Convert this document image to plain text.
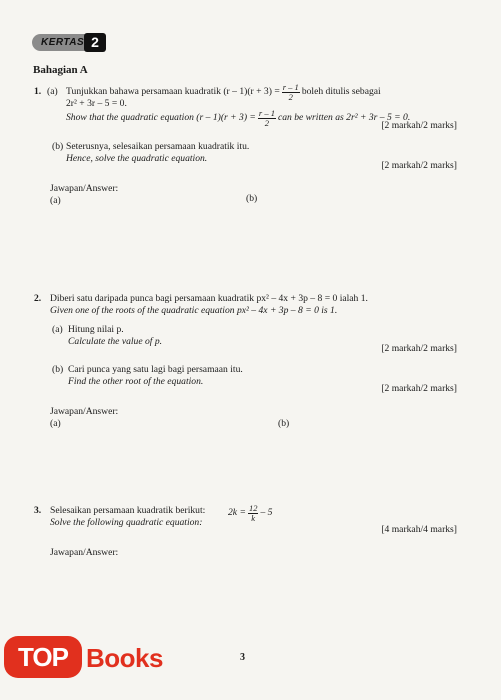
KERTAS 2
Bahagian A
1. (a) Tunjukkan bahawa persamaan kuadratik $(r - 1)(r + 3) = \frac{r - 1}{2}$ boleh ditulis sebagai
2r² + 3r – 5 = 0.
Show that the quadratic equation $(r - 1)(r + 3) = \frac{r - 1}{2}$ can be written as 2r² + 3r – 5 = 0.
[2 markah/2 marks]
(b) Seterusnya, selesaikan persamaan kuadratik itu.
Hence, solve the quadratic equation.
[2 markah/2 marks]
Jawapan/Answer:
(a)	(b)
2. Diberi satu daripada punca bagi persamaan kuadratik px² – 4x + 3p – 8 = 0 ialah 1.
Given one of the roots of the quadratic equation px² – 4x + 3p – 8 = 0 is 1.
(a) Hitung nilai p.
Calculate the value of p.
[2 markah/2 marks]
(b) Cari punca yang satu lagi bagi persamaan itu.
Find the other root of the equation.
[2 markah/2 marks]
Jawapan/Answer:
(a)	(b)
3. Selesaikan persamaan kuadratik berikut:
Solve the following quadratic equation:
$2k = \frac{12}{k} - 5$
[4 markah/4 marks]
Jawapan/Answer:
3
TOP Books
